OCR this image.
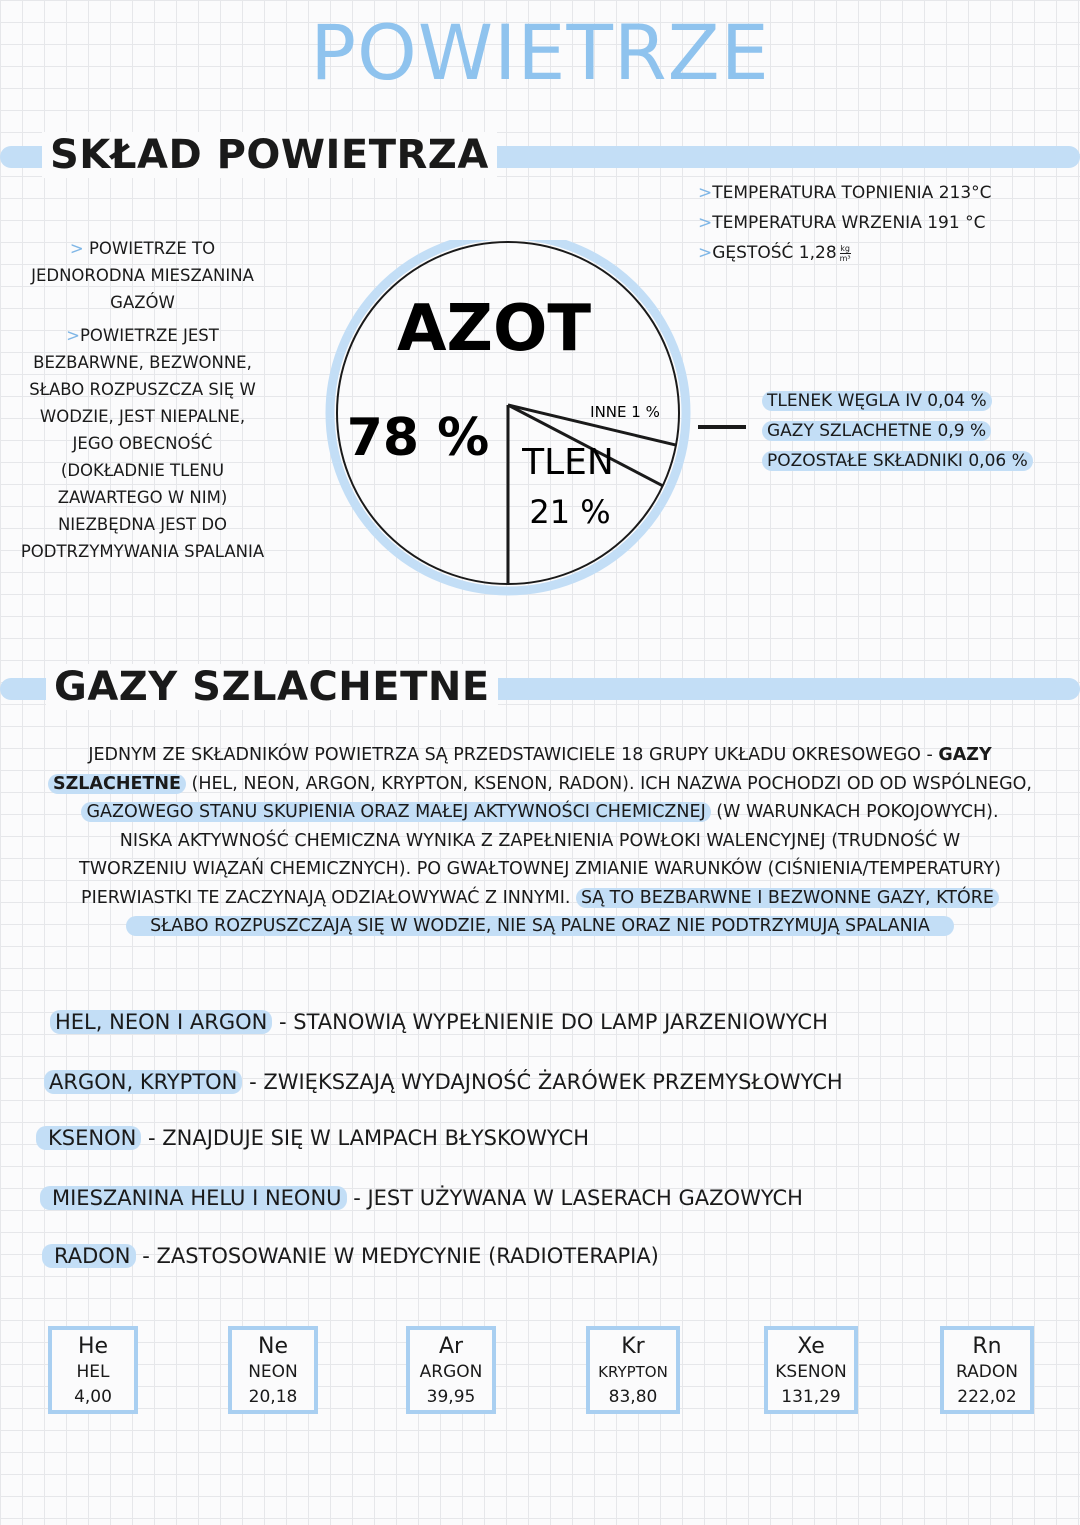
POWIETRZE
SKŁAD POWIETRZA

> POWIETRZE TO JEDNORODNA MIESZANINA GAZÓW

>POWIETRZE JEST BEZBARWNE, BEZWONNE, SŁABO ROZPUSZCZA SIĘ W WODZIE, JEST NIEPALNE, JEGO OBECNOŚĆ (DOKŁADNIE TLENU ZAWARTEGO W NIM) NIEZBĘDNA JEST DO PODTRZYMYWANIA SPALANIA

AZOT
78 % TLEN
21 %
INNE 1 %
>TEMPERATURA TOPNIENIA 213°C
>TEMPERATURA WRZENIA 191 °C
>GĘSTOŚĆ $1,28 \frac{kg}{\text{m³}}$
TLENEK WĘGLA IV 0,04 %
GAZY SZLACHETNE 0,9 %
POZOSTAŁE SKŁADNIKI 0,06 %
GAZY SZLACHETNE
JEDNYM ZE SKŁADNIKÓW POWIETRZA SĄ PRZEDSTAWICIELE 18 GRUPY UKŁADU OKRESOWEGO - GAZY
SZLACHETNE (HEL, NEON, ARGON, KRYPTON, KSENON, RADON). ICH NAZWA POCHODZI OD OD WSPÓLNEGO,
GAZOWEGO STANU SKUPIENIA ORAZ MAŁEJ AKTYWNOŚCI CHEMICZNEJ (W WARUNKACH POKOJOWYCH).
NISKA AKTYWNOŚĆ CHEMICZNA WYNIKA Z ZAPEŁNIENIA POWŁOKI WALENCYJNEJ (TRUDNOŚĆ W
TWORZENIU WIĄZAŃ CHEMICZNYCH). PO GWAŁTOWNEJ ZMIANIE WARUNKÓW (CIŚNIENIA/TEMPERATURY)
PIERWIASTKI TE ZACZYNAJĄ ODZIAŁOWYWAĆ Z INNYMI. SĄ TO BEZBARWNE I BEZWONNE GAZY, KTÓRE
SŁABO ROZPUSZCZAJĄ SIĘ W WODZIE, NIE SĄ PALNE ORAZ NIE PODTRZYMUJĄ SPALANIA
HEL, NEON I ARGON - STANOWIĄ WYPEŁNIENIE DO LAMP JARZENIOWYCH
ARGON, KRYPTON - ZWIĘKSZAJĄ WYDAJNOŚĆ ŻARÓWEK PRZEMYSŁOWYCH
KSENON - ZNAJDUJE SIĘ W LAMPACH BŁYSKOWYCH
MIESZANINA HELU I NEONU - JEST UŻYWANA W LASERACH GAZOWYCH
RADON - ZASTOSOWANIE W MEDYCYNIE (RADIOTERAPIA)
He
HEL
4,00
Ne
NEON
20,18
Ar
ARGON
39,95
Kr
KRYPTON
83,80
Xe
KSENON
131,29
Rn
RADON
222,02
